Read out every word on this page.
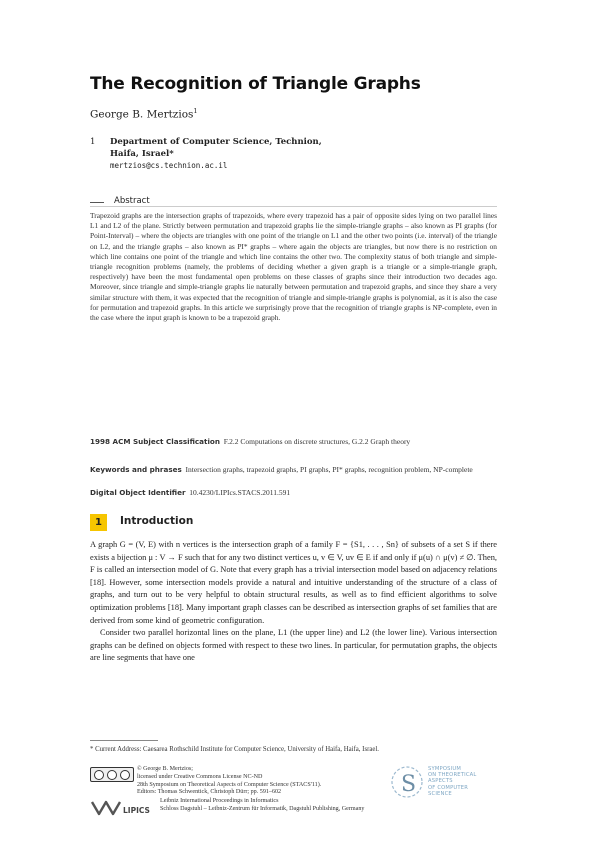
The Recognition of Triangle Graphs
George B. Mertzios$^1$
1 Department of Computer Science, Technion,
Haifa, Israel*
mertzios@cs.technion.ac.il
Abstract

Trapezoid graphs are the intersection graphs of trapezoids, where every trapezoid has a pair of opposite sides lying on two parallel lines L1 and L2 of the plane. Strictly between permutation and trapezoid graphs lie the simple-triangle graphs – also known as PI graphs (for Point-Interval) – where the objects are triangles with one point of the triangle on L1 and the other two points (i.e. interval) of the triangle on L2, and the triangle graphs – also known as PI* graphs – where again the objects are triangles, but now there is no restriction on which line contains one point of the triangle and which line contains the other two. The complexity status of both triangle and simple-triangle recognition problems (namely, the problems of deciding whether a given graph is a triangle or a simple-triangle graph, respectively) have been the most fundamental open problems on these classes of graphs since their introduction two decades ago. Moreover, since triangle and simple-triangle graphs lie naturally between permutation and trapezoid graphs, and since they share a very similar structure with them, it was expected that the recognition of triangle and simple-triangle graphs is polynomial, as it is also the case for permutation and trapezoid graphs. In this article we surprisingly prove that the recognition of triangle graphs is NP-complete, even in the case where the input graph is known to be a trapezoid graph.

1998 ACM Subject Classification F.2.2 Computations on discrete structures, G.2.2 Graph theory
Keywords and phrases Intersection graphs, trapezoid graphs, PI graphs, PI* graphs, recognition problem, NP-complete
Digital Object Identifier 10.4230/LIPIcs.STACS.2011.591
1	Introduction

A graph G = (V, E) with n vertices is the intersection graph of a family F = {S1, . . . , Sn} of subsets of a set S if there exists a bijection μ : V → F such that for any two distinct vertices u, v ∈ V, uv ∈ E if and only if μ(u) ∩ μ(v) ≠ ∅. Then, F is called an intersection model of G. Note that every graph has a trivial intersection model based on adjacency relations [18]. However, some intersection models provide a natural and intuitive understanding of the structure of a class of graphs, and turn out to be very helpful to obtain structural results, as well as to find efficient algorithms to solve optimization problems [18]. Many important graph classes can be described as intersection graphs of set families that are derived from some kind of geometric configuration.

Consider two parallel horizontal lines on the plane, L1 (the upper line) and L2 (the lower line). Various intersection graphs can be defined on objects formed with respect to these two lines. In particular, for permutation graphs, the objects are line segments that have one

* Current Address: Caesarea Rothschild Institute for Computer Science, University of Haifa, Haifa, Israel.
© George B. Mertzios;
licensed under Creative Commons License NC-ND
28th Symposium on Theoretical Aspects of Computer Science (STACS'11).
Editors: Thomas Schwentick, Christoph Dürr; pp. 591–602
LIPICS
Leibniz International Proceedings in Informatics
Schloss Dagstuhl – Leibniz-Zentrum für Informatik, Dagstuhl Publishing, Germany
S
SYMPOSIUM
ON THEORETICAL
ASPECTS
OF COMPUTER
SCIENCE
